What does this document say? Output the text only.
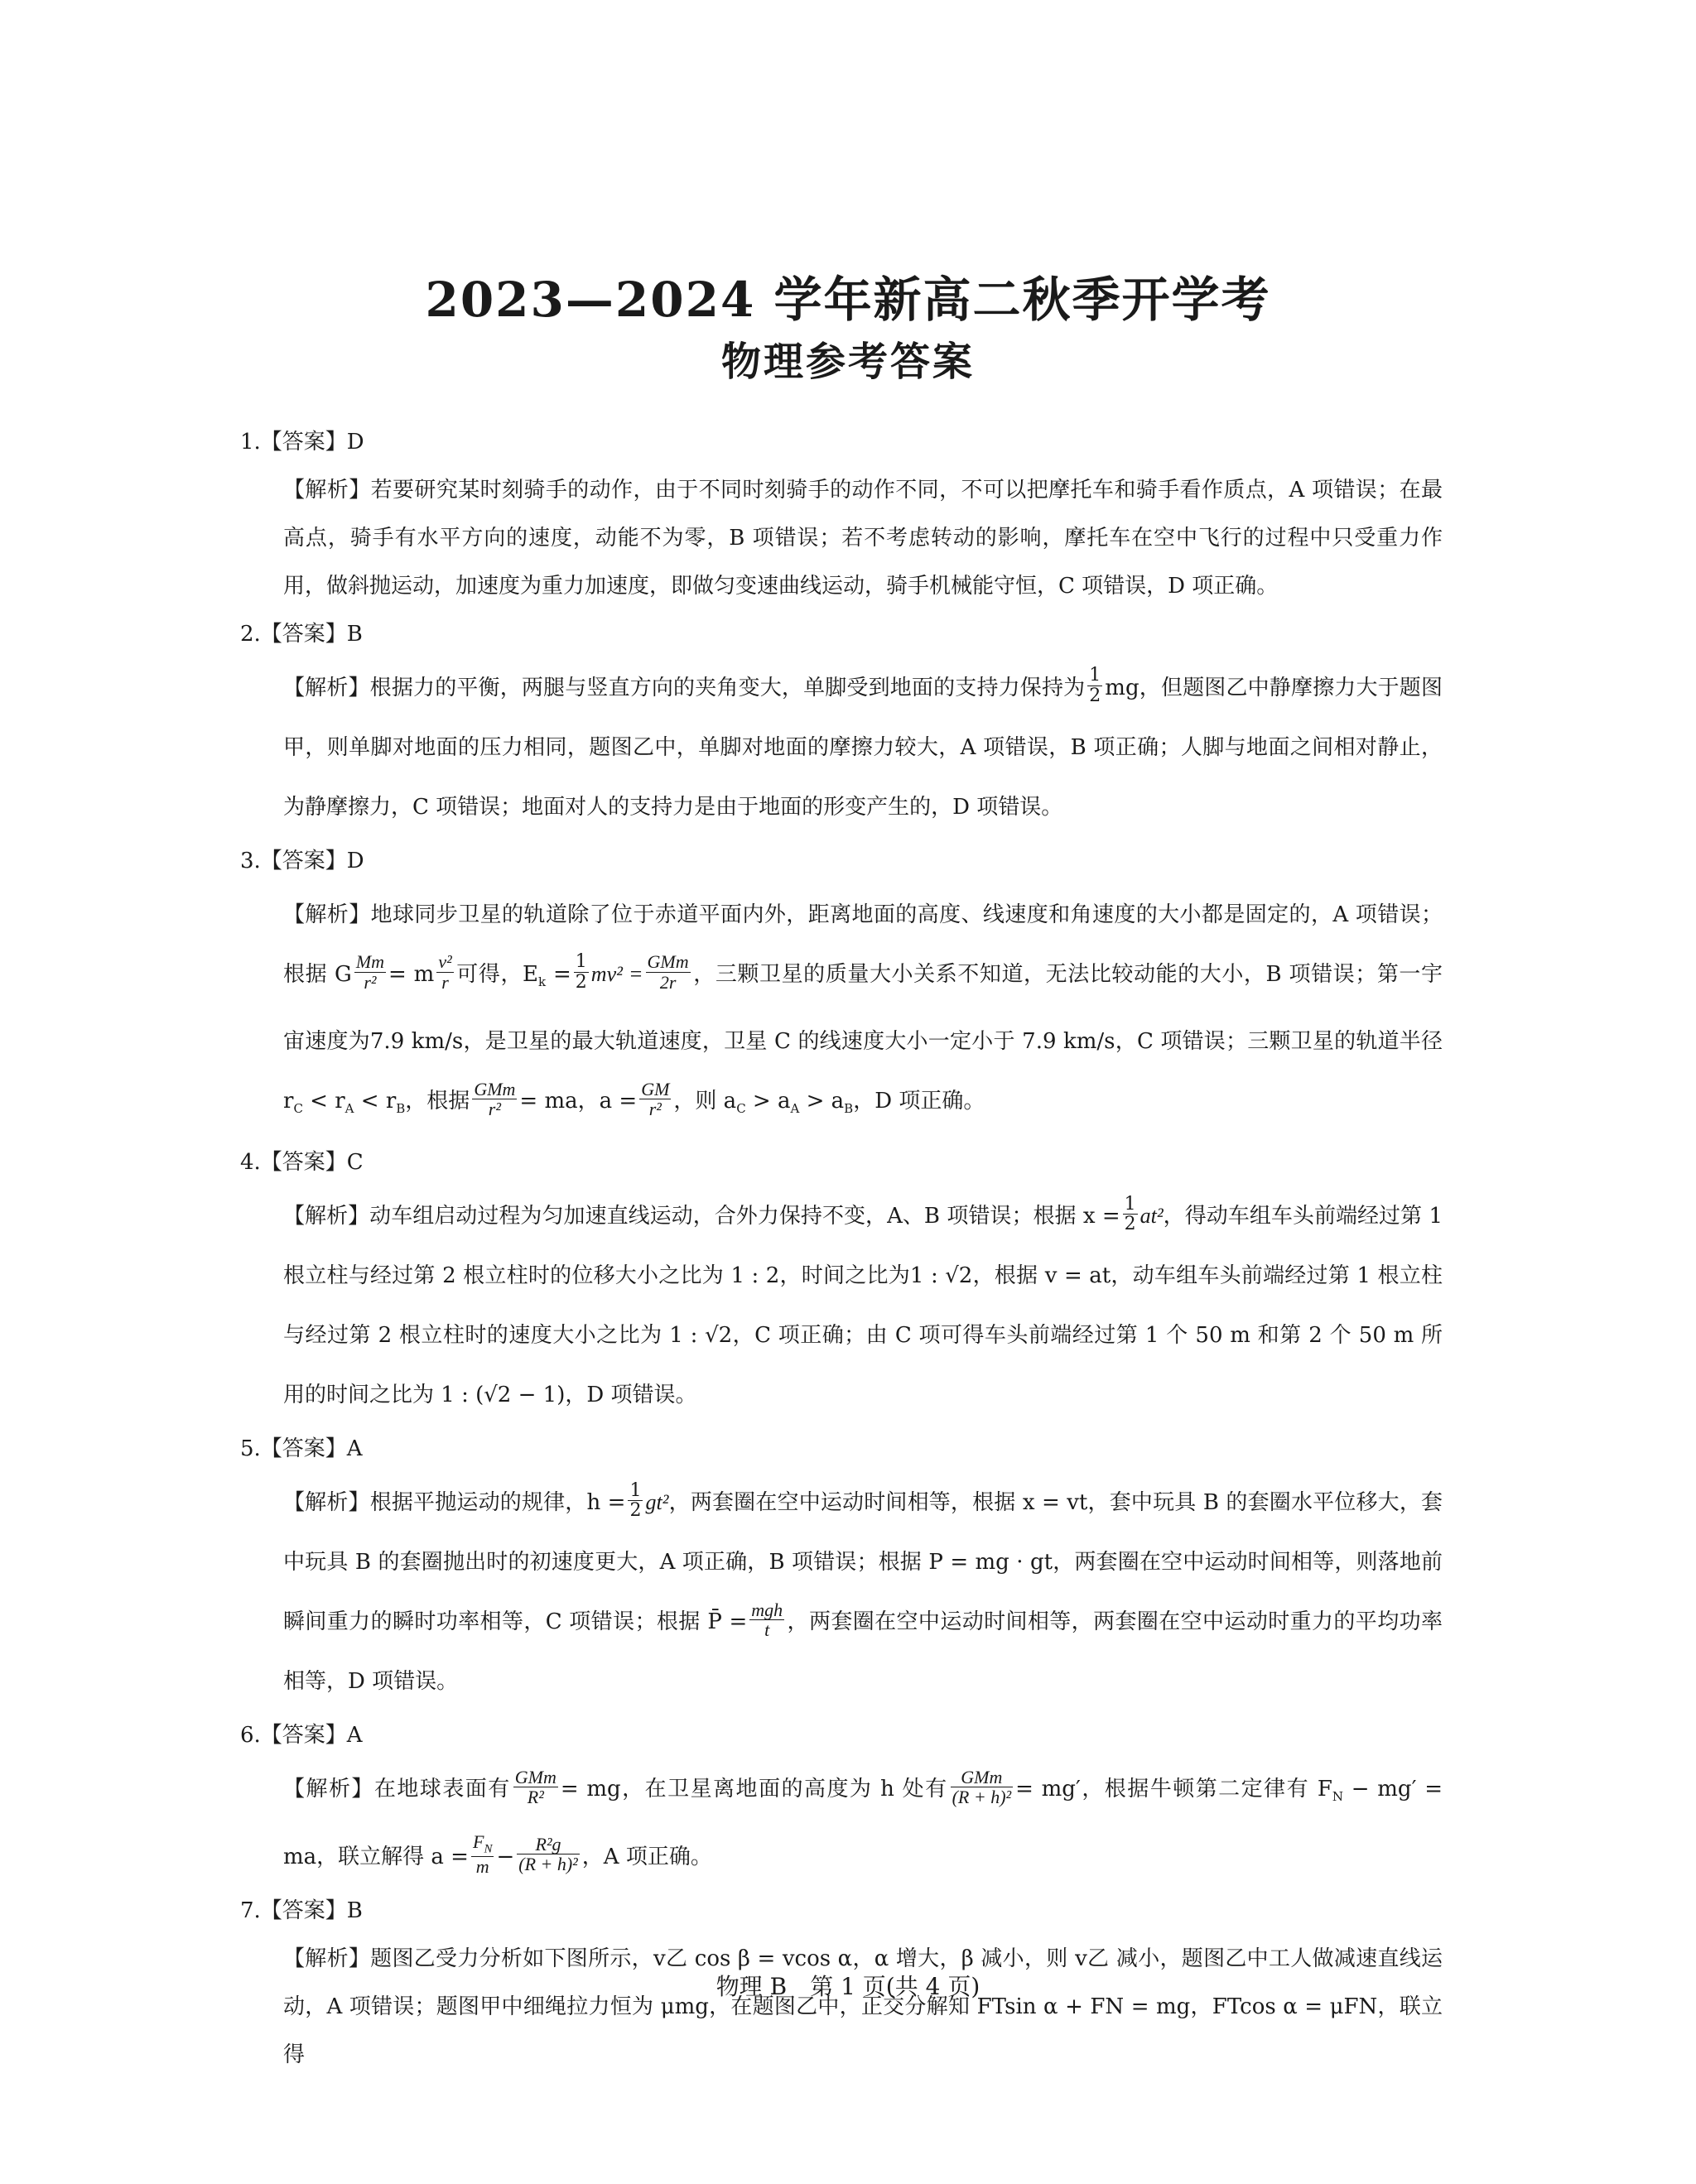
2023—2024 学年新高二秋季开学考
物理参考答案
1.【答案】D
【解析】若要研究某时刻骑手的动作，由于不同时刻骑手的动作不同，不可以把摩托车和骑手看作质点，A 项错误；在最高点，骑手有水平方向的速度，动能不为零，B 项错误；若不考虑转动的影响，摩托车在空中飞行的过程中只受重力作用，做斜抛运动，加速度为重力加速度，即做匀变速曲线运动，骑手机械能守恒，C 项错误，D 项正确。
2.【答案】B
【解析】根据力的平衡，两腿与竖直方向的夹角变大，单脚受到地面的支持力保持为 $\frac{1}{2}$ mg，但题图乙中静摩擦力大于题图甲，则单脚对地面的压力相同，题图乙中，单脚对地面的摩擦力较大，A 项错误，B 项正确；人脚与地面之间相对静止，为静摩擦力，C 项错误；地面对人的支持力是由于地面的形变产生的，D 项错误。
3.【答案】D
【解析】地球同步卫星的轨道除了位于赤道平面内外，距离地面的高度、线速度和角速度的大小都是固定的，A 项错误；根据 G $\frac{Mm}{\text{r²}} = m \frac{\text{v²}}{r}$ 可得，$E_k = \frac{1}{2} mv^2 = \frac{\text{GMm}}{2r}$ ，三颗卫星的质量大小关系不知道，无法比较动能的大小，B 项错误；第一宇宙速度为7.9 km/s，是卫星的最大轨道速度，卫星 C 的线速度大小一定小于 7.9 km/s，C 项错误；三颗卫星的轨道半径 $r_C < r_A < r_B$，根据 $\frac{\text{GMm}}{\text{r²}}$ = ma，$a = \frac{GM}{\text{r²}}$ ，则 $a_C > a_A > a_B$，D 项正确。
4.【答案】C
【解析】动车组启动过程为匀加速直线运动，合外力保持不变，A、B 项错误；根据 $x = \frac{1}{2} at^2$，得动车组车头前端经过第 1 根立柱与经过第 2 根立柱时的位移大小之比为 1 : 2，时间之比为1 : √2，根据 v = at，动车组车头前端经过第 1 根立柱与经过第 2 根立柱时的速度大小之比为 1 : √2，C 项正确；由 C 项可得车头前端经过第 1 个 50 m 和第 2 个 50 m 所用的时间之比为 1 : (√2 − 1)，D 项错误。
5.【答案】A
【解析】根据平抛运动的规律，$h = \frac{1}{2} gt^2$，两套圈在空中运动时间相等，根据 x = vt，套中玩具 B 的套圈水平位移大，套中玩具 B 的套圈抛出时的初速度更大，A 项正确，B 项错误；根据 P = mg · gt，两套圈在空中运动时间相等，则落地前瞬间重力的瞬时功率相等，C 项错误；根据 P̄ = $\frac{\text{mgh}}{t}$ ，两套圈在空中运动时间相等，两套圈在空中运动时重力的平均功率相等，D 项错误。
6.【答案】A
【解析】在地球表面有 $\frac{\text{GMm}}{\text{R²}}$ = mg，在卫星离地面的高度为 h 处有 $\frac{\text{GMm}}{\text{(R + h)²}} = mg'$，根据牛顿第二定律有 $F_N - mg'$ = ma，联立解得 $a = \frac{F_N}{m} - \frac{\text{R²g}}{\text{(R + h)²}}$ ，A 项正确。
7.【答案】B
【解析】题图乙受力分析如下图所示，v乙 cos β = vcos α，α 增大，β 减小，则 v乙 减小，题图乙中工人做减速直线运动，A 项错误；题图甲中细绳拉力恒为 μmg，在题图乙中，正交分解知 FTsin α + FN = mg，FTcos α = μFN，联立得
物理 B　第 1 页(共 4 页)
